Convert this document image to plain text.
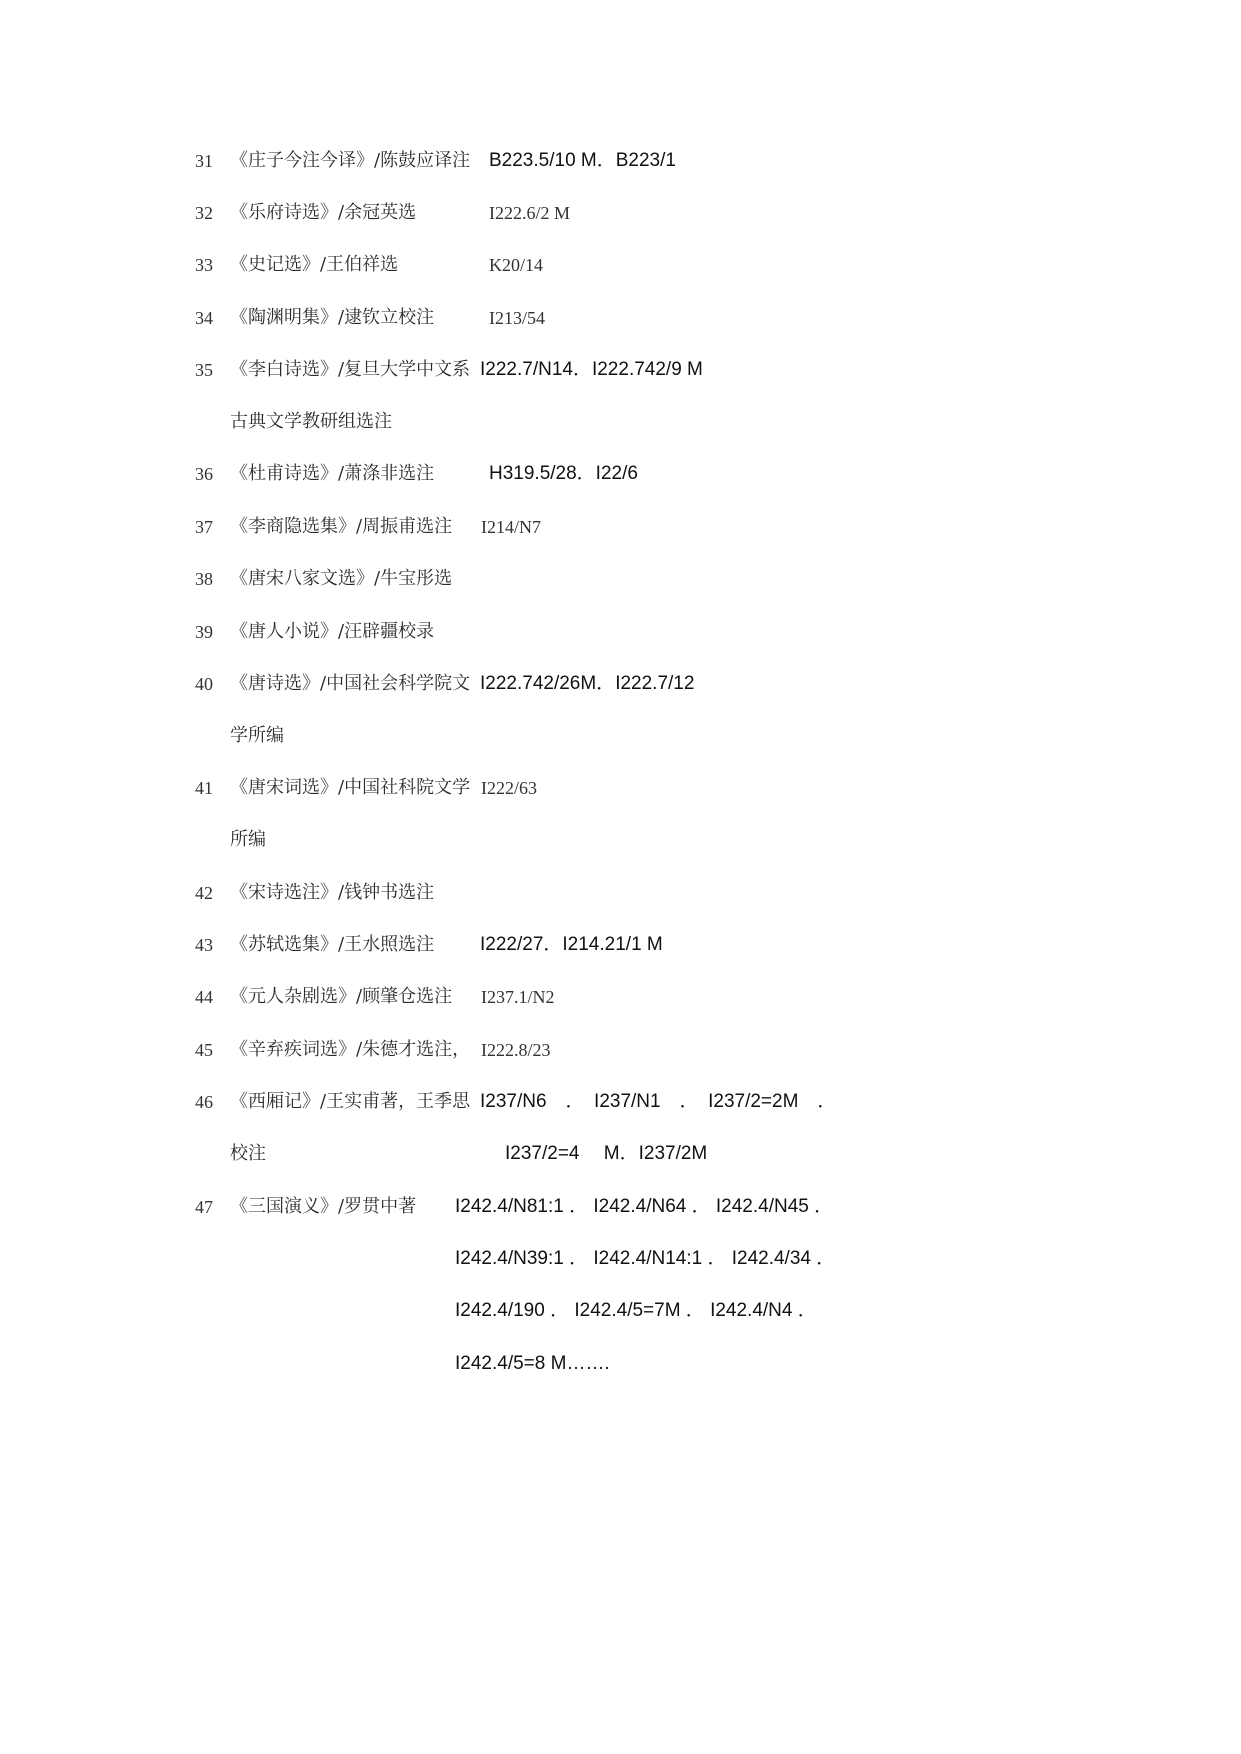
31 《庄子今注今译》/陈鼓应译注 B223.5/10 M．B223/1
32 《乐府诗选》/余冠英选	I222.6/2 M
33 《史记选》/王伯祥选	K20/14
34 《陶渊明集》/逮钦立校注	I213/54
35 《李白诗选》/复旦大学中文系 I222.7/N14．I222.742/9 M
古典文学教研组选注
36 《杜甫诗选》/萧涤非选注	H319.5/28．I22/6
37 《李商隐选集》/周振甫选注 I214/N7
38 《唐宋八家文选》/牛宝彤选
39 《唐人小说》/汪辟疆校录
40 《唐诗选》/中国社会科学院文 I222.742/26M．I222.7/12
学所编
41 《唐宋词选》/中国社科院文学 I222/63
所编
42 《宋诗选注》/钱钟书选注
43 《苏轼选集》/王水照选注 I222/27．I214.21/1 M
44 《元人杂剧选》/顾肇仓选注 I237.1/N2
45 《辛弃疾词选》/朱德才选注， I222.8/23
46 《西厢记》/王实甫著，王季思 I237/N6　．　I237/N1　．　I237/2=2M　．
校注	I237/2=4　 M．I237/2M
47 《三国演义》/罗贯中著 I242.4/N81:1 ． I242.4/N64 ． I242.4/N45 ．
I242.4/N39:1 ． I242.4/N14:1 ． I242.4/34 ．
I242.4/190 ． I242.4/5=7M ． I242.4/N4 ．
I242.4/5=8 M…….
